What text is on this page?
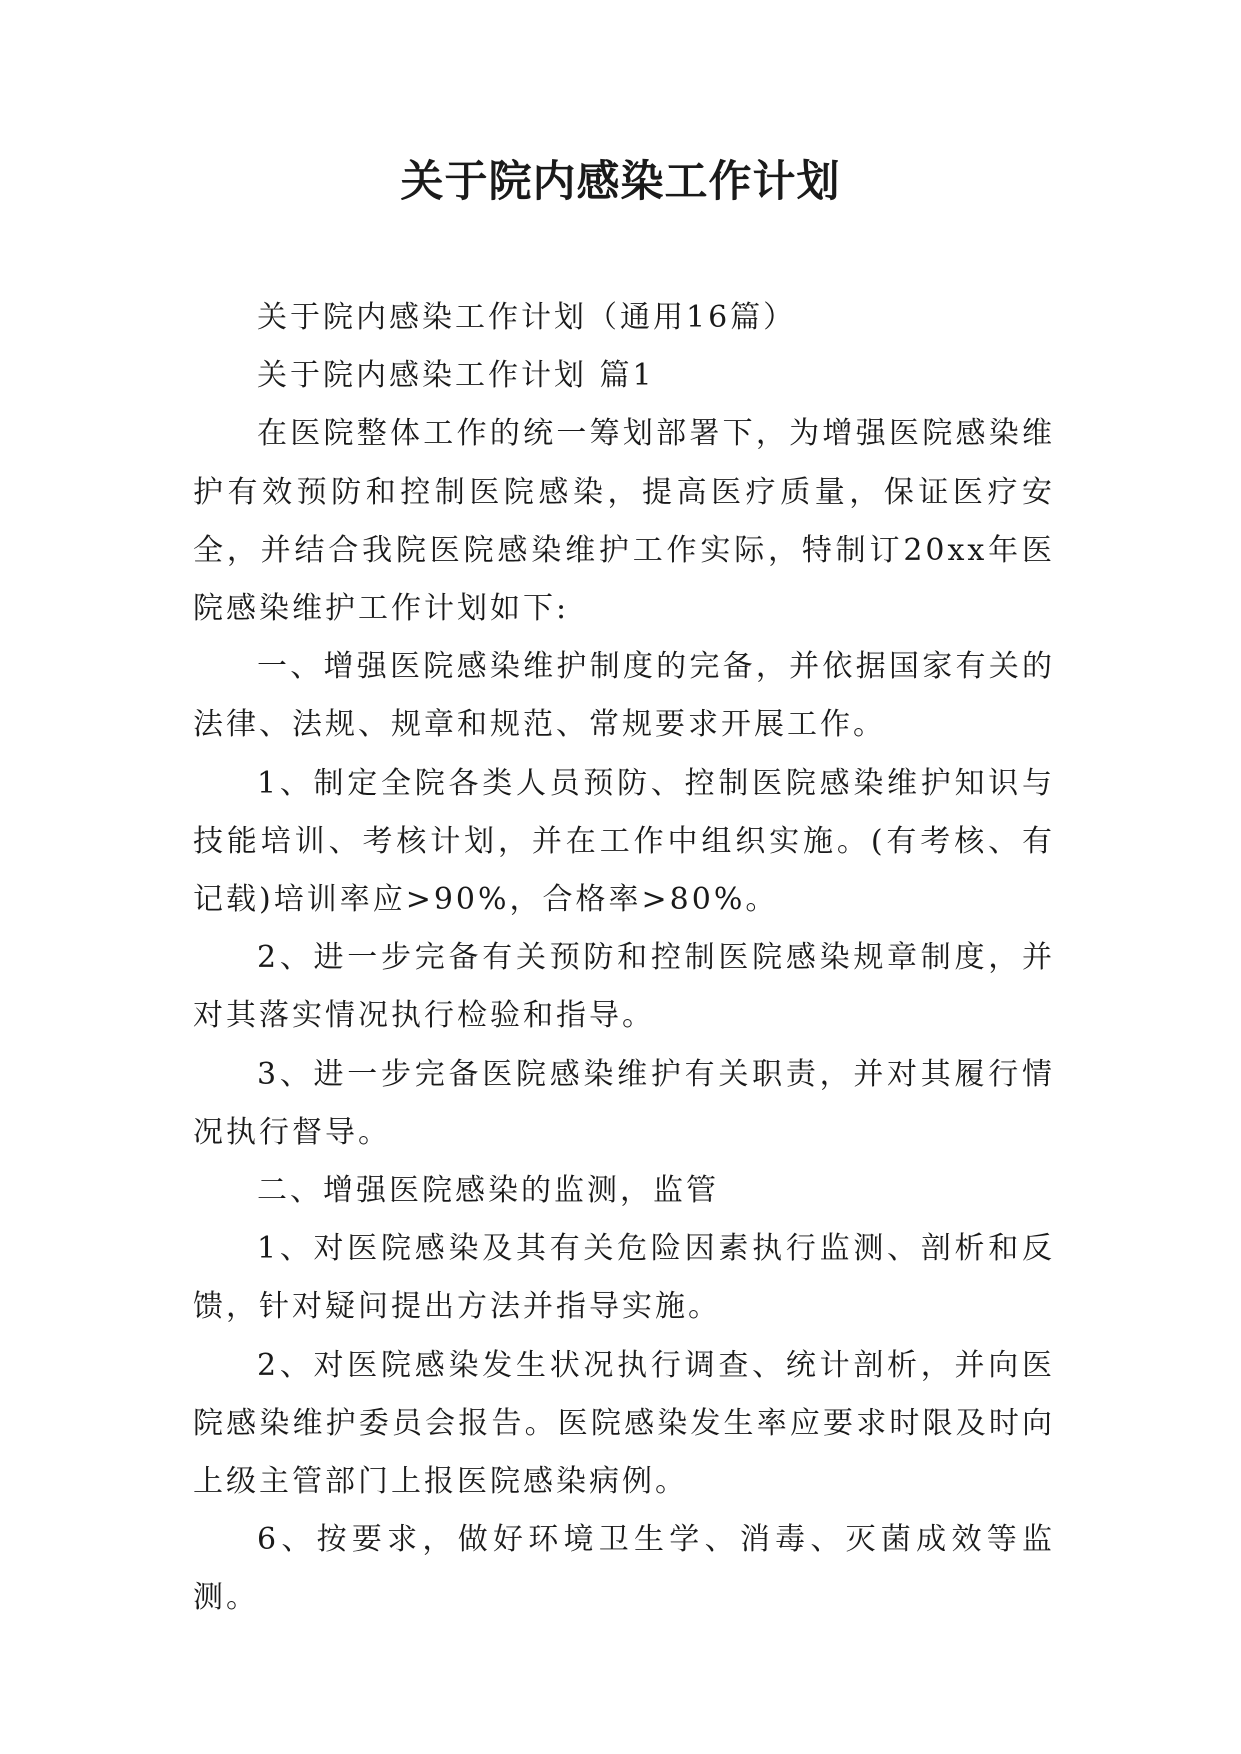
关于院内感染工作计划

关于院内感染工作计划（通用16篇）

关于院内感染工作计划 篇1

在医院整体工作的统一筹划部署下，为增强医院感染维护有效预防和控制医院感染，提高医疗质量，保证医疗安全，并结合我院医院感染维护工作实际，特制订20xx年医院感染维护工作计划如下:

一、增强医院感染维护制度的完备，并依据国家有关的法律、法规、规章和规范、常规要求开展工作。

1、制定全院各类人员预防、控制医院感染维护知识与技能培训、考核计划，并在工作中组织实施。(有考核、有记载)培训率应>90%，合格率>80%。

2、进一步完备有关预防和控制医院感染规章制度，并对其落实情况执行检验和指导。

3、进一步完备医院感染维护有关职责，并对其履行情况执行督导。

二、增强医院感染的监测，监管

1、对医院感染及其有关危险因素执行监测、剖析和反馈，针对疑问提出方法并指导实施。

2、对医院感染发生状况执行调查、统计剖析，并向医院感染维护委员会报告。医院感染发生率应要求时限及时向上级主管部门上报医院感染病例。

6、按要求，做好环境卫生学、消毒、灭菌成效等监测。
